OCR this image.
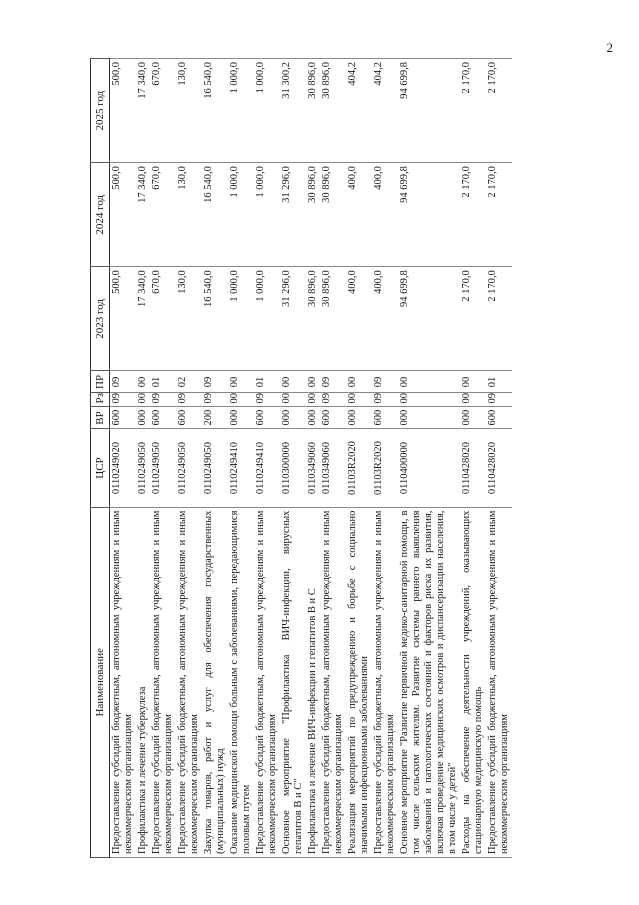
2
Наименование	ЦСР	ВР	Рз	ПР	2023 год	2024 год	2025 год
Предоставление субсидий бюджетным, автономным учреждениям и иным некоммерческим организациям	0110249020	600	09	09	500,0	500,0	500,0
Профилактика и лечение туберкулеза	0110249050	000	00	00	17 340,0	17 340,0	17 340,0
Предоставление субсидий бюджетным, автономным учреждениям и иным некоммерческим организациям	0110249050	600	09	01	670,0	670,0	670,0
Предоставление субсидий бюджетным, автономным учреждениям и иным некоммерческим организациям	0110249050	600	09	02	130,0	130,0	130,0
Закупка товаров, работ и услуг для обеспечения государственных (муниципальных) нужд	0110249050	200	09	09	16 540,0	16 540,0	16 540,0
Оказание медицинской помощи больным с заболеваниями, передающимися половым путем	0110249410	000	00	00	1 000,0	1 000,0	1 000,0
Предоставление субсидий бюджетным, автономным учреждениям и иным некоммерческим организациям	0110249410	600	09	01	1 000,0	1 000,0	1 000,0
Основное мероприятие "Профилактика ВИЧ-инфекции, вирусных гепатитов В и С"	0110300000	000	00	00	31 296,0	31 296,0	31 300,2
Профилактика и лечение ВИЧ-инфекции и гепатитов В и С	0110349060	000	00	00	30 896,0	30 896,0	30 896,0
Предоставление субсидий бюджетным, автономным учреждениям и иным некоммерческим организациям	0110349060	600	09	09	30 896,0	30 896,0	30 896,0
Реализация мероприятий по предупреждению и борьбе с социально значимыми инфекционными заболеваниями	01103R2020	000	00	00	400,0	400,0	404,2
Предоставление субсидий бюджетным, автономным учреждениям и иным некоммерческим организациям	01103R2020	600	09	09	400,0	400,0	404,2
Основное мероприятие "Развитие первичной медико-санитарной помощи, в том числе сельским жителям. Развитие системы раннего выявления заболеваний и патологических состояний и факторов риска их развития, включая проведение медицинских осмотров и диспансеризации населения, в том числе у детей"	0110400000	000	00	00	94 699,8	94 699,8	94 699,8
Расходы на обеспечение деятельности учреждений, оказывающих стационарную медицинскую помощь	0110428020	000	00	00	2 170,0	2 170,0	2 170,0
Предоставление субсидий бюджетным, автономным учреждениям и иным некоммерческим организациям	0110428020	600	09	01	2 170,0	2 170,0	2 170,0
